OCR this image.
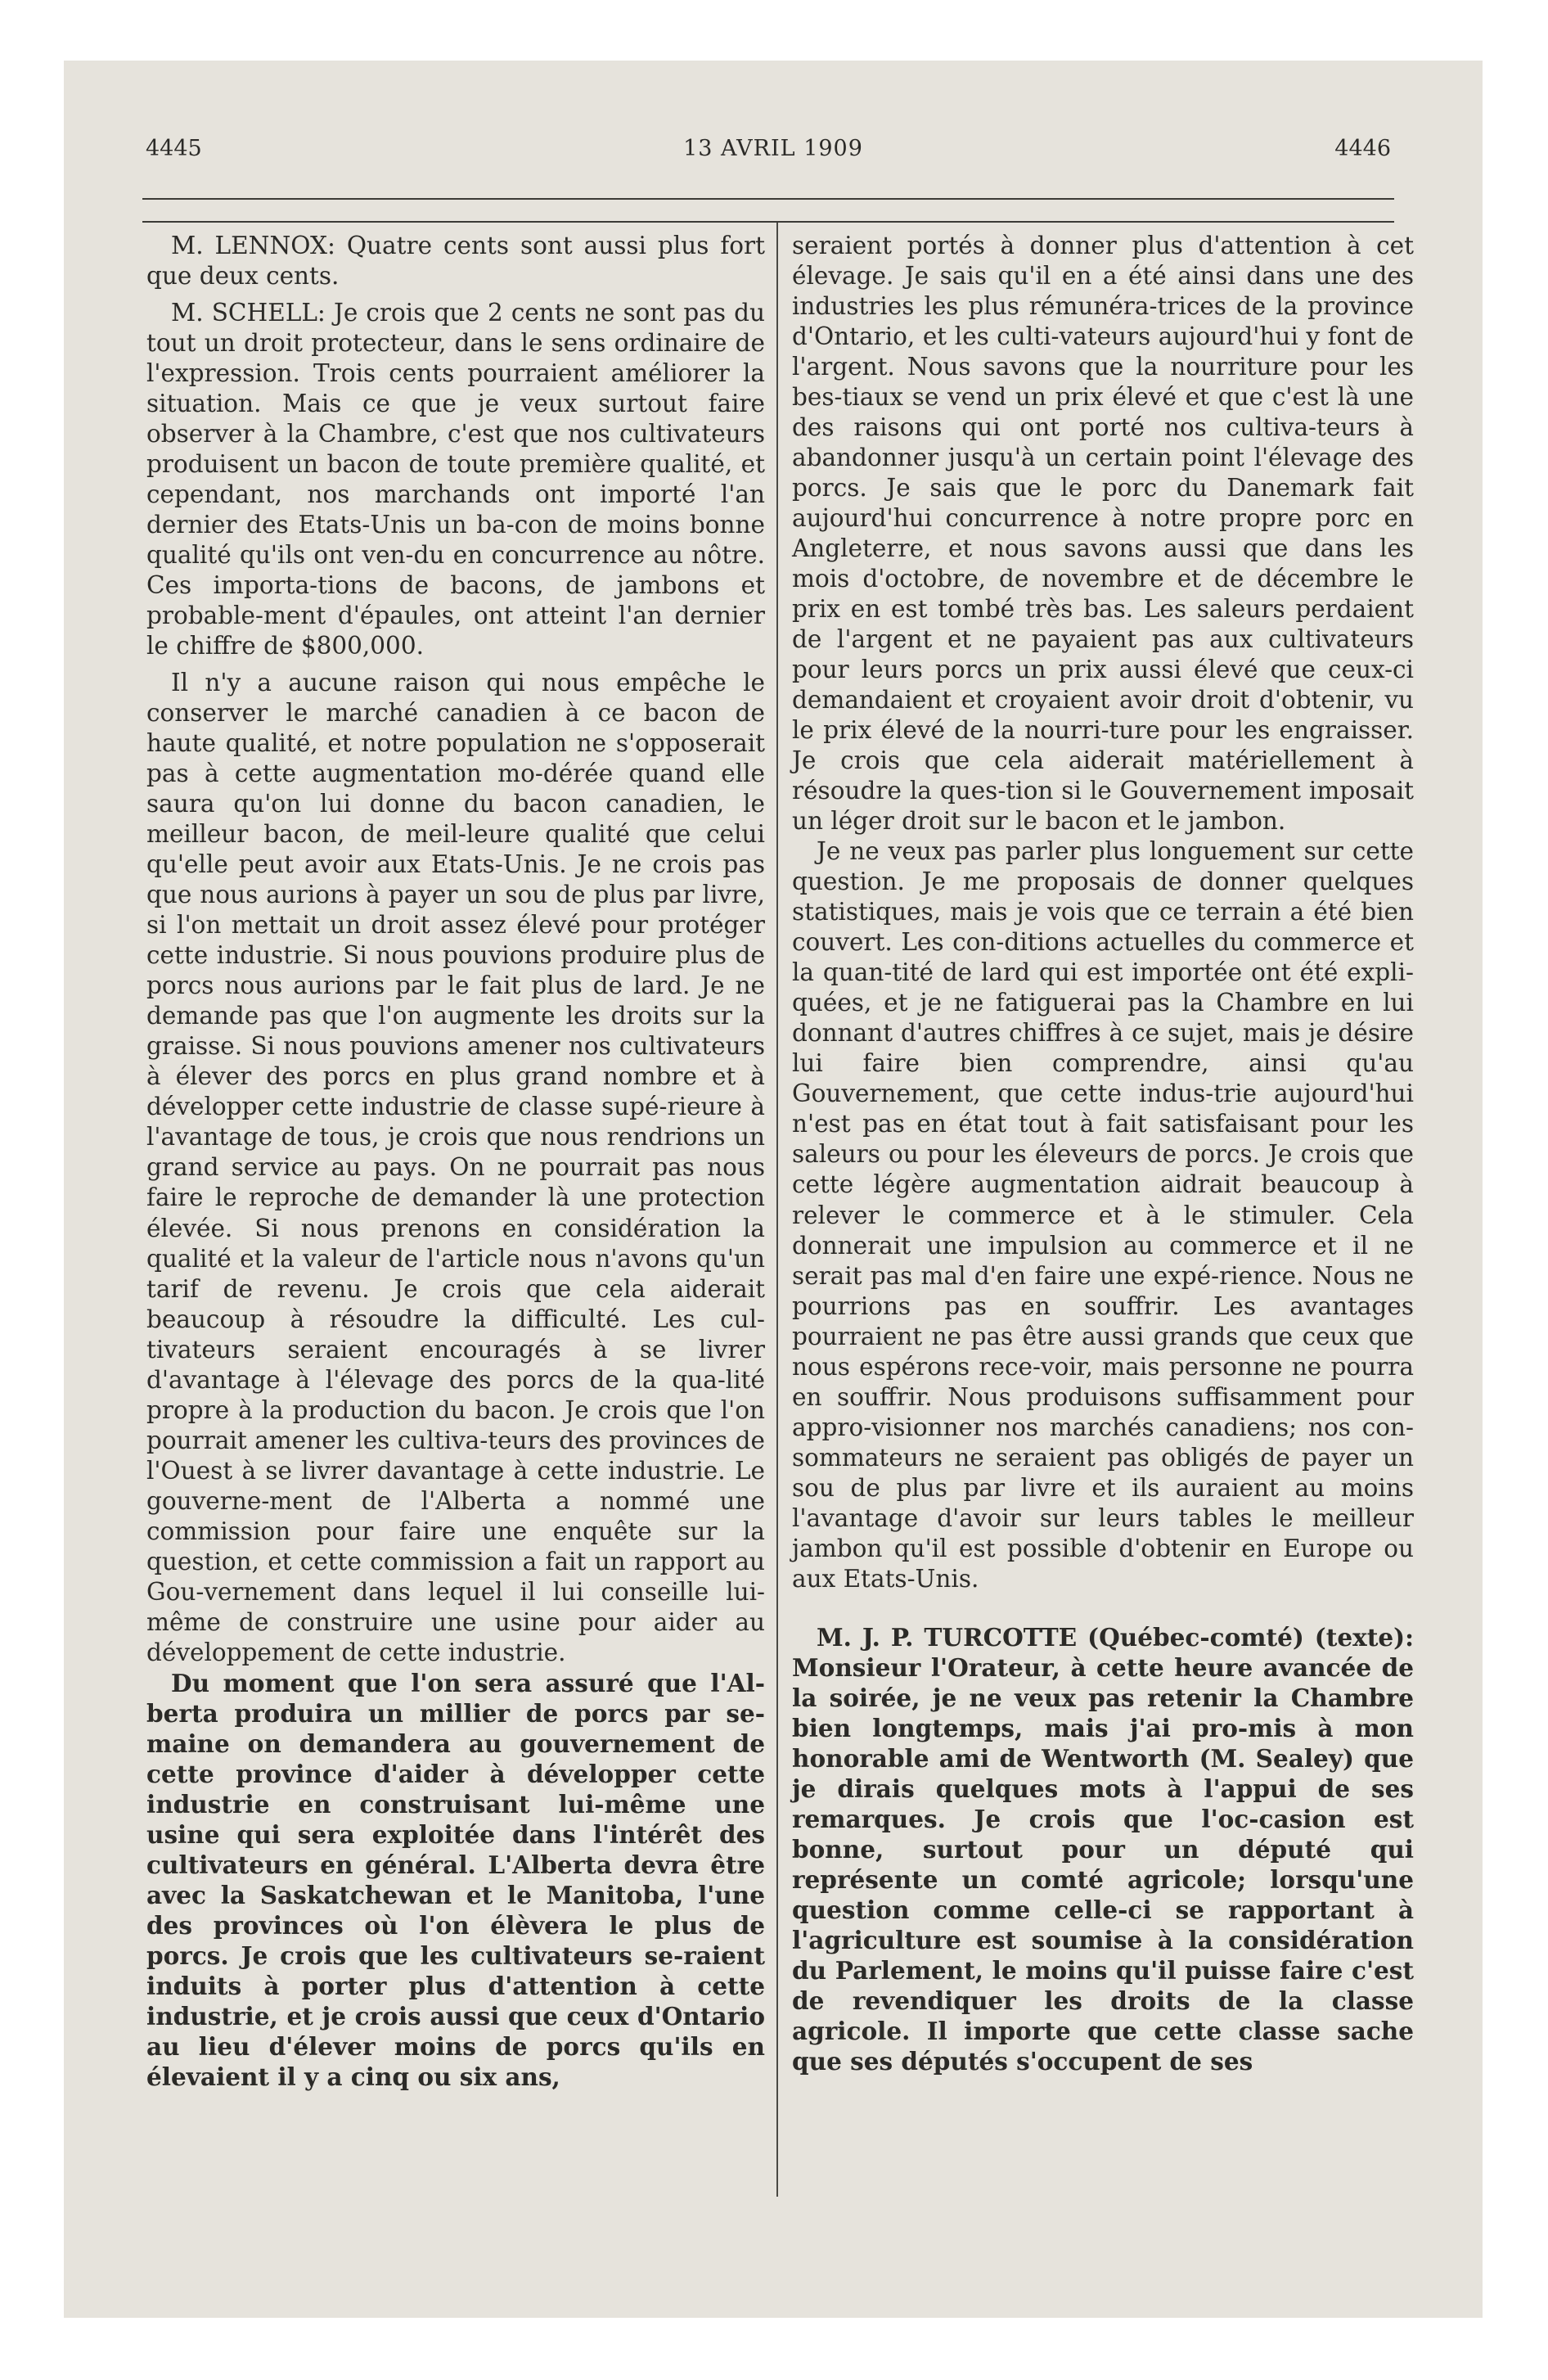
4445	13 AVRIL 1909	4446

M. LENNOX: Quatre cents sont aussi plus fort que deux cents.

M. SCHELL: Je crois que 2 cents ne sont pas du tout un droit protecteur, dans le sens ordinaire de l'expression. Trois cents pourraient améliorer la situation. Mais ce que je veux surtout faire observer à la Chambre, c'est que nos cultivateurs produisent un bacon de toute première qualité, et cependant, nos marchands ont importé l'an dernier des Etats-Unis un ba-con de moins bonne qualité qu'ils ont ven-du en concurrence au nôtre. Ces importa-tions de bacons, de jambons et probable-ment d'épaules, ont atteint l'an dernier le chiffre de $800,000.

Il n'y a aucune raison qui nous empêche le conserver le marché canadien à ce bacon de haute qualité, et notre population ne s'opposerait pas à cette augmentation mo-dérée quand elle saura qu'on lui donne du bacon canadien, le meilleur bacon, de meil-leure qualité que celui qu'elle peut avoir aux Etats-Unis. Je ne crois pas que nous aurions à payer un sou de plus par livre, si l'on mettait un droit assez élevé pour protéger cette industrie. Si nous pouvions produire plus de porcs nous aurions par le fait plus de lard. Je ne demande pas que l'on augmente les droits sur la graisse. Si nous pouvions amener nos cultivateurs à élever des porcs en plus grand nombre et à développer cette industrie de classe supé-rieure à l'avantage de tous, je crois que nous rendrions un grand service au pays. On ne pourrait pas nous faire le reproche de demander là une protection élevée. Si nous prenons en considération la qualité et la valeur de l'article nous n'avons qu'un tarif de revenu. Je crois que cela aiderait beaucoup à résoudre la difficulté. Les cul-tivateurs seraient encouragés à se livrer d'avantage à l'élevage des porcs de la qua-lité propre à la production du bacon. Je crois que l'on pourrait amener les cultiva-teurs des provinces de l'Ouest à se livrer davantage à cette industrie. Le gouverne-ment de l'Alberta a nommé une commission pour faire une enquête sur la question, et cette commission a fait un rapport au Gou-vernement dans lequel il lui conseille lui-même de construire une usine pour aider au développement de cette industrie.

Du moment que l'on sera assuré que l'Al-berta produira un millier de porcs par se-maine on demandera au gouvernement de cette province d'aider à développer cette industrie en construisant lui-même une usine qui sera exploitée dans l'intérêt des cultivateurs en général. L'Alberta devra être avec la Saskatchewan et le Manitoba, l'une des provinces où l'on élèvera le plus de porcs. Je crois que les cultivateurs se-raient induits à porter plus d'attention à cette industrie, et je crois aussi que ceux d'Ontario au lieu d'élever moins de porcs qu'ils en élevaient il y a cinq ou six ans,

seraient portés à donner plus d'attention à cet élevage. Je sais qu'il en a été ainsi dans une des industries les plus rémunéra-trices de la province d'Ontario, et les culti-vateurs aujourd'hui y font de l'argent. Nous savons que la nourriture pour les bes-tiaux se vend un prix élevé et que c'est là une des raisons qui ont porté nos cultiva-teurs à abandonner jusqu'à un certain point l'élevage des porcs. Je sais que le porc du Danemark fait aujourd'hui concurrence à notre propre porc en Angleterre, et nous savons aussi que dans les mois d'octobre, de novembre et de décembre le prix en est tombé très bas. Les saleurs perdaient de l'argent et ne payaient pas aux cultivateurs pour leurs porcs un prix aussi élevé que ceux-ci demandaient et croyaient avoir droit d'obtenir, vu le prix élevé de la nourri-ture pour les engraisser. Je crois que cela aiderait matériellement à résoudre la ques-tion si le Gouvernement imposait un léger droit sur le bacon et le jambon.

Je ne veux pas parler plus longuement sur cette question. Je me proposais de donner quelques statistiques, mais je vois que ce terrain a été bien couvert. Les con-ditions actuelles du commerce et la quan-tité de lard qui est importée ont été expli-quées, et je ne fatiguerai pas la Chambre en lui donnant d'autres chiffres à ce sujet, mais je désire lui faire bien comprendre, ainsi qu'au Gouvernement, que cette indus-trie aujourd'hui n'est pas en état tout à fait satisfaisant pour les saleurs ou pour les éleveurs de porcs. Je crois que cette légère augmentation aidrait beaucoup à relever le commerce et à le stimuler. Cela donnerait une impulsion au commerce et il ne serait pas mal d'en faire une expé-rience. Nous ne pourrions pas en souffrir. Les avantages pourraient ne pas être aussi grands que ceux que nous espérons rece-voir, mais personne ne pourra en souffrir. Nous produisons suffisamment pour appro-visionner nos marchés canadiens; nos con-sommateurs ne seraient pas obligés de payer un sou de plus par livre et ils auraient au moins l'avantage d'avoir sur leurs tables le meilleur jambon qu'il est possible d'obtenir en Europe ou aux Etats-Unis.

M. J. P. TURCOTTE (Québec-comté) (texte): Monsieur l'Orateur, à cette heure avancée de la soirée, je ne veux pas retenir la Chambre bien longtemps, mais j'ai pro-mis à mon honorable ami de Wentworth (M. Sealey) que je dirais quelques mots à l'appui de ses remarques. Je crois que l'oc-casion est bonne, surtout pour un député qui représente un comté agricole; lorsqu'une question comme celle-ci se rapportant à l'agriculture est soumise à la considération du Parlement, le moins qu'il puisse faire c'est de revendiquer les droits de la classe agricole. Il importe que cette classe sache que ses députés s'occupent de ses
